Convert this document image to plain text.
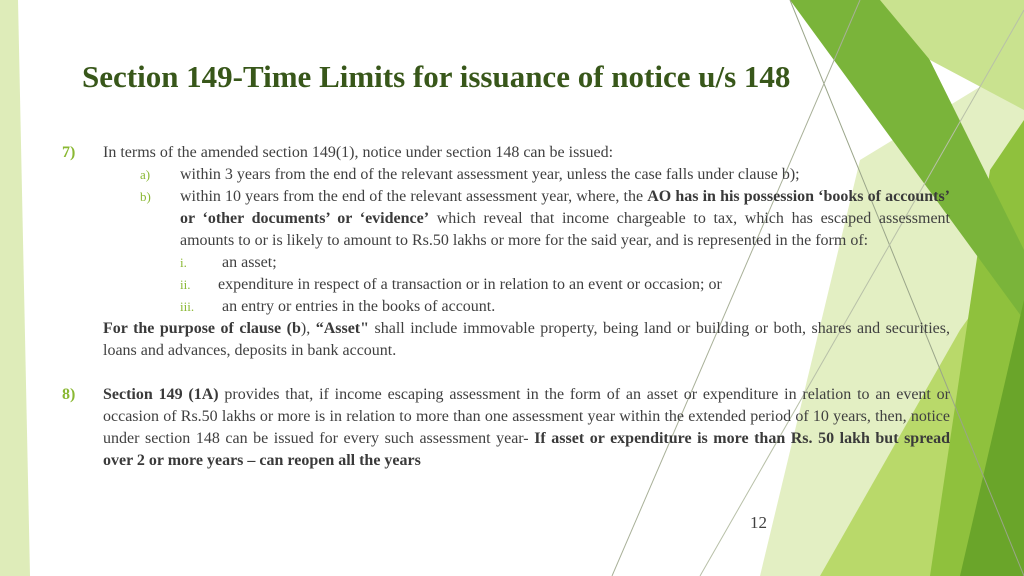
Section 149-Time Limits for issuance of notice u/s 148
7) In terms of the amended section 149(1), notice under section 148 can be issued:
a) within 3 years from the end of the relevant assessment year, unless the case falls under clause b);
b) within 10 years from the end of the relevant assessment year, where, the AO has in his possession ‘books of accounts’ or ‘other documents’ or ‘evidence’ which reveal that income chargeable to tax, which has escaped assessment amounts to or is likely to amount to Rs.50 lakhs or more for the said year, and is represented in the form of:
i. an asset;
ii. expenditure in respect of a transaction or in relation to an event or occasion; or
iii. an entry or entries in the books of account.
For the purpose of clause (b), “Asset" shall include immovable property, being land or building or both, shares and securities, loans and advances, deposits in bank account.
8) Section 149 (1A) provides that, if income escaping assessment in the form of an asset or expenditure in relation to an event or occasion of Rs.50 lakhs or more is in relation to more than one assessment year within the extended period of 10 years, then, notice under section 148 can be issued for every such assessment year- If asset or expenditure is more than Rs. 50 lakh but spread over 2 or more years – can reopen all the years
12
